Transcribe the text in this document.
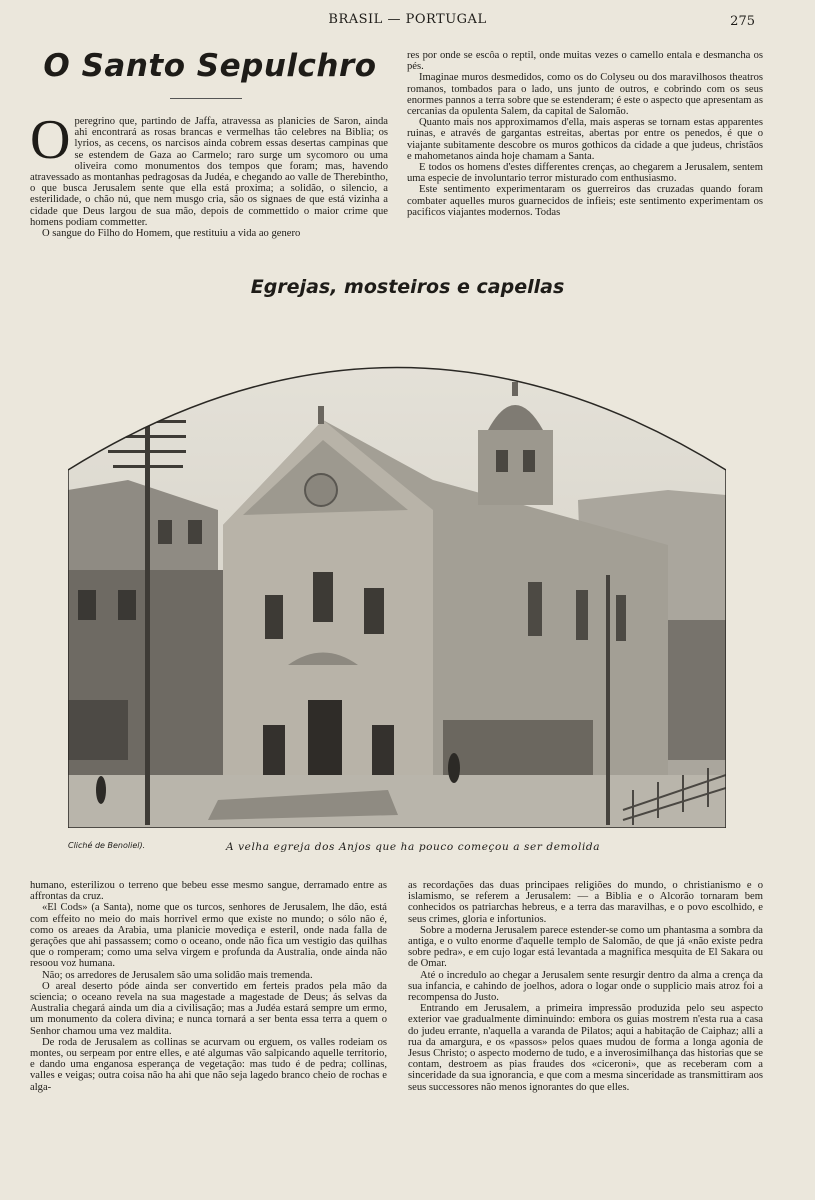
BRASIL — PORTUGAL	275
O Santo Sepulchro

Operegrino que, partindo de Jaffa, atravessa as planicies de Saron, ainda ahi encontrará as rosas brancas e vermelhas tão celebres na Biblia; os lyrios, as cecens, os narcisos ainda cobrem essas desertas campinas que se estendem de Gaza ao Carmelo; raro surge um sycomoro ou uma oliveira como monumentos dos tempos que foram; mas, havendo atravessado as montanhas pedragosas da Judéa, e chegando ao valle de Therebintho, o que busca Jerusalem sente que ella está proxima; a solidão, o silencio, a esterilidade, o chão nú, que nem musgo cria, são os signaes de que está vizinha a cidade que Deus largou de sua mão, depois de commettido o maior crime que homens podiam commetter.

O sangue do Filho do Homem, que restituiu a vida ao genero

res por onde se escôa o reptil, onde muitas vezes o camello entala e desmancha os pés.

Imaginae muros desmedidos, como os do Colyseu ou dos maravilhosos theatros romanos, tombados para o lado, uns junto de outros, e cobrindo com os seus enormes pannos a terra sobre que se estenderam; é este o aspecto que apresentam as cercanias da opulenta Salem, da capital de Salomão.

Quanto mais nos approximamos d'ella, mais asperas se tornam estas apparentes ruinas, e através de gargantas estreitas, abertas por entre os penedos, é que o viajante subitamente descobre os muros gothicos da cidade a que judeus, christãos e mahometanos ainda hoje chamam a Santa.

E todos os homens d'estes differentes crenças, ao chegarem a Jerusalem, sentem uma especie de involuntario terror misturado com enthusiasmo.

Este sentimento experimentaram os guerreiros das cruzadas quando foram combater aquelles muros guarnecidos de infieis; este sentimento experimentam os pacificos viajantes modernos. Todas

Egrejas, mosteiros e capellas
Cliché de Benoliel).	A velha egreja dos Anjos que ha pouco começou a ser demolida

humano, esterilizou o terreno que bebeu esse mesmo sangue, derramado entre as affrontas da cruz.

«El Cods» (a Santa), nome que os turcos, senhores de Jerusalem, lhe dão, está com effeito no meio do mais horrivel ermo que existe no mundo; o sólo não é, como os areaes da Arabia, uma planicie movediça e esteril, onde nada falla de gerações que ahi passassem; como o oceano, onde não fica um vestigio das quilhas que o romperam; como uma selva virgem e profunda da Australia, onde ainda não resoou voz humana.

Não; os arredores de Jerusalem são uma solidão mais tremenda.

O areal deserto póde ainda ser convertido em ferteis prados pela mão da sciencia; o oceano revela na sua magestade a magestade de Deus; ás selvas da Australia chegará ainda um dia a civilisação; mas a Judéa estará sempre um ermo, um monumento da colera divina; e nunca tornará a ser benta essa terra a quem o Senhor chamou uma vez maldita.

De roda de Jerusalem as collinas se acurvam ou erguem, os valles rodeiam os montes, ou serpeam por entre elles, e até algumas vão salpicando aquelle territorio, e dando uma enganosa esperança de vegetação: mas tudo é de pedra; collinas, valles e veigas; outra coisa não ha ahi que não seja lagedo branco cheio de rochas e alga-

as recordações das duas principaes religiões do mundo, o christianismo e o islamismo, se referem a Jerusalem: — a Biblia e o Alcorão tornaram bem conhecidos os patriarchas hebreus, e a terra das maravilhas, e o povo escolhido, e seus crimes, gloria e infortunios.

Sobre a moderna Jerusalem parece estender-se como um phantasma a sombra da antiga, e o vulto enorme d'aquelle templo de Salomão, de que já «não existe pedra sobre pedra», e em cujo logar está levantada a magnifica mesquita de El Sakara ou de Omar.

Até o incredulo ao chegar a Jerusalem sente resurgir dentro da alma a crença da sua infancia, e cahindo de joelhos, adora o logar onde o supplicio mais atroz foi a recompensa do Justo.

Entrando em Jerusalem, a primeira impressão produzida pelo seu aspecto exterior vae gradualmente diminuindo: embora os guias mostrem n'esta rua a casa do judeu errante, n'aquella a varanda de Pilatos; aqui a habitação de Caiphaz; alli a rua da amargura, e os «passos» pelos quaes mudou de forma a longa agonia de Jesus Christo; o aspecto moderno de tudo, e a inverosimilhança das historias que se contam, destroem as pias fraudes dos «ciceroni», que as receberam com a sinceridade da sua ignorancia, e que com a mesma sinceridade as transmittiram aos seus successores não menos ignorantes do que elles.
